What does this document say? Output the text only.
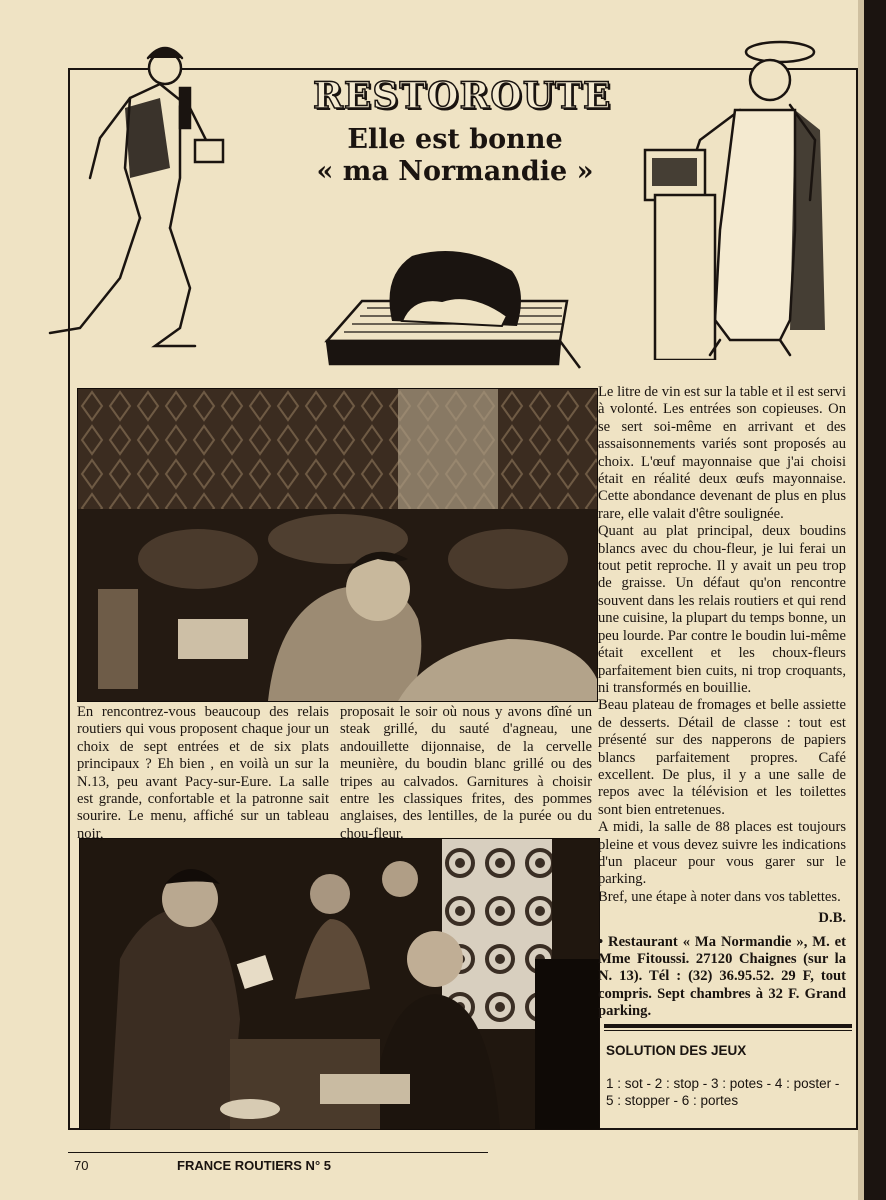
RESTOROUTE
Elle est bonne
« ma Normandie »

Le litre de vin est sur la table et il est servi à volonté. Les entrées son copieuses. On se sert soi-même en arrivant et des assaisonnements variés sont proposés au choix. L'œuf mayonnaise que j'ai choisi était en réalité deux œufs mayonnaise. Cette abondance devenant de plus en plus rare, elle valait d'être soulignée.

Quant au plat principal, deux boudins blancs avec du chou-fleur, je lui ferai un tout petit reproche. Il y avait un peu trop de graisse. Un défaut qu'on rencontre souvent dans les relais routiers et qui rend une cuisine, la plupart du temps bonne, un peu lourde. Par contre le boudin lui-même était excellent et les choux-fleurs parfaitement bien cuits, ni trop croquants, ni transformés en bouillie.

Beau plateau de fromages et belle assiette de desserts. Détail de classe : tout est présenté sur des napperons de papiers blancs parfaitement propres. Café excellent. De plus, il y a une salle de repos avec la télévision et les toilettes sont bien entretenues.

A midi, la salle de 88 places est toujours pleine et vous devez suivre les indications d'un placeur pour vous garer sur le parking.

Bref, une étape à noter dans vos tablettes.

D.B.

• Restaurant « Ma Normandie », M. et Mme Fitoussi. 27120 Chaignes (sur la N. 13). Tél : (32) 36.95.52. 29 F, tout compris. Sept chambres à 32 F. Grand parking.

En rencontrez-vous beaucoup des relais routiers qui vous proposent chaque jour un choix de sept entrées et de six plats principaux ? Eh bien , en voilà un sur la N.13, peu avant Pacy-sur-Eure. La salle est grande, confortable et la patronne sait sourire. Le menu, affiché sur un tableau noir,

proposait le soir où nous y avons dîné un steak grillé, du sauté d'agneau, une andouillette dijonnaise, de la cervelle meunière, du boudin blanc grillé ou des tripes au calvados. Garnitures à choisir entre les classiques frites, des pommes anglaises, des lentilles, de la purée ou du chou-fleur.

SOLUTION DES JEUX
1 : sot - 2 : stop - 3 : potes - 4 : poster - 5 : stopper - 6 : portes
70	FRANCE ROUTIERS N° 5
